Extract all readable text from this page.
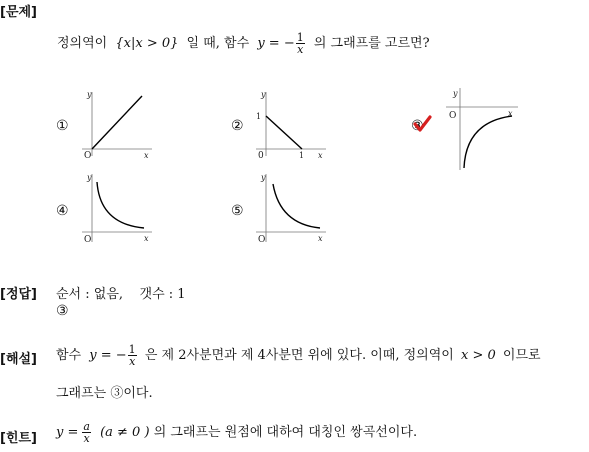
[문제]
정의역이 {x|x > 0} 일 때, 함수 y = − $\frac{1}{x}$ 의 그래프를 고르면?
①	②	③
④	⑤
y
x
O
y
x
0
1
1
y
x
O
y
x
O
y
x
O
[정답] 순서 : 없음,    갯수 : 1
③
[해설] 함수 y = − $\frac{1}{x}$ 은 제 2사분면과 제 4사분면 위에 있다. 이때, 정의역이 x > 0 이므로
그래프는 ③이다.
[힌트] $y = \frac{a}{x} (a \ne 0$ ) 의 그래프는 원점에 대하여 대칭인 쌍곡선이다.
